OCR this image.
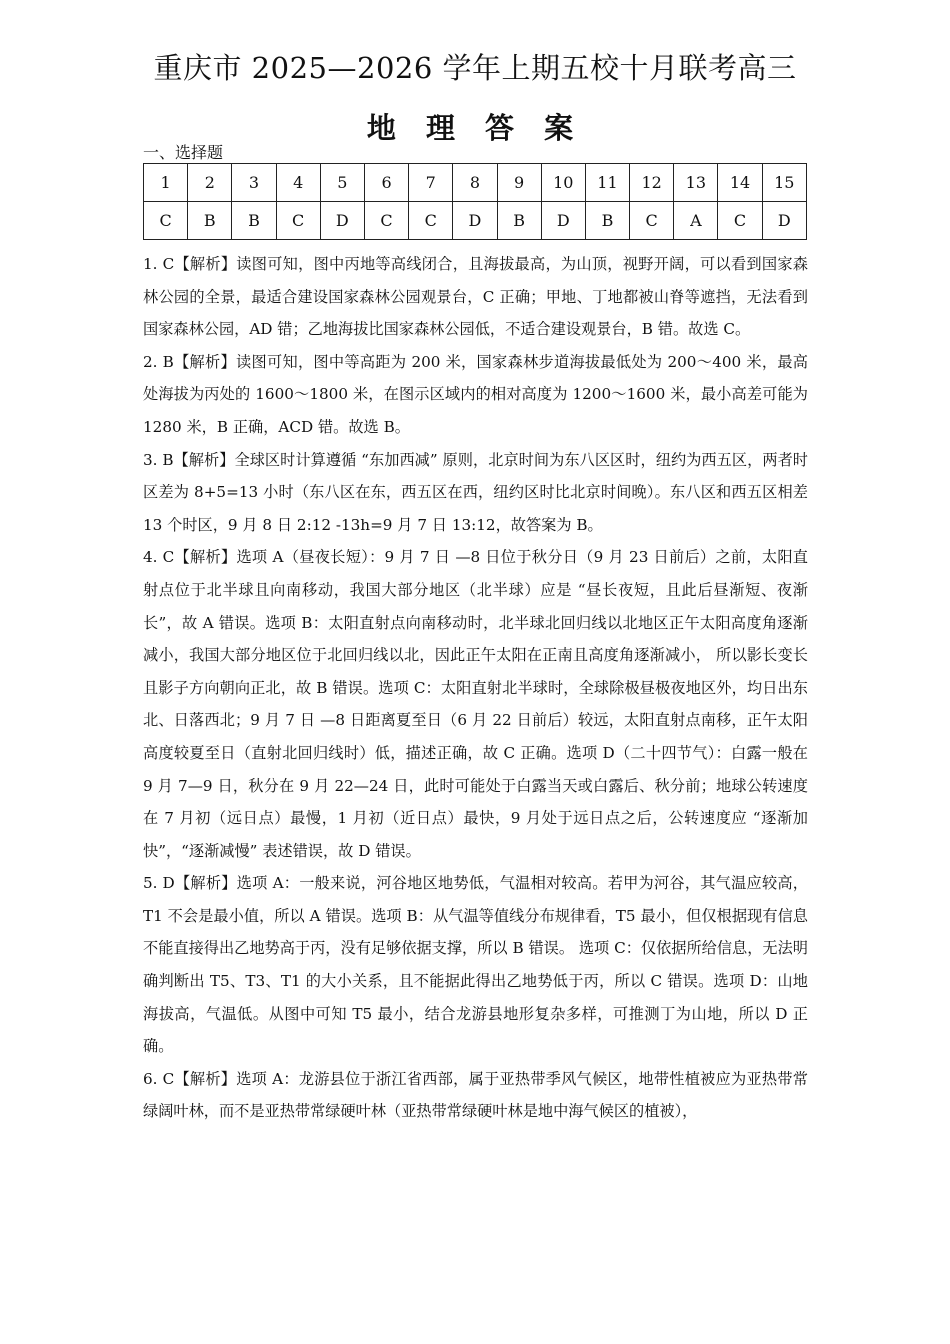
重庆市 2025—2026 学年上期五校十月联考高三
地 理 答 案
一、选择题
1	2	3	4	5	6	7	8	9	10	11	12	13	14	15
C	B	B	C	D	C	C	D	B	D	B	C	A	C	D

1. C【解析】读图可知，图中丙地等高线闭合，且海拔最高，为山顶，视野开阔，可以看到国家森林公园的全景，最适合建设国家森林公园观景台，C 正确；甲地、丁地都被山脊等遮挡，无法看到国家森林公园，AD 错；乙地海拔比国家森林公园低，不适合建设观景台，B 错。故选 C。

2. B【解析】读图可知，图中等高距为 200 米，国家森林步道海拔最低处为 200～400 米，最高处海拔为丙处的 1600～1800 米，在图示区域内的相对高度为 1200～1600 米，最小高差可能为 1280 米，B 正确，ACD 错。故选 B。

3. B【解析】全球区时计算遵循 “东加西减” 原则，北京时间为东八区区时，纽约为西五区，两者时区差为 8+5=13 小时（东八区在东，西五区在西，纽约区时比北京时间晚）。东八区和西五区相差 13 个时区，9 月 8 日 2:12 -13h=9 月 7 日 13:12，故答案为 B。

4. C【解析】选项 A（昼夜长短）：9 月 7 日 —8 日位于秋分日（9 月 23 日前后）之前，太阳直射点位于北半球且向南移动，我国大部分地区（北半球）应是 “昼长夜短，且此后昼渐短、夜渐长”，故 A 错误。选项 B：太阳直射点向南移动时，北半球北回归线以北地区正午太阳高度角逐渐减小，我国大部分地区位于北回归线以北，因此正午太阳在正南且高度角逐渐减小， 所以影长变长且影子方向朝向正北，故 B 错误。选项 C：太阳直射北半球时，全球除极昼极夜地区外，均日出东北、日落西北；9 月 7 日 —8 日距离夏至日（6 月 22 日前后）较远，太阳直射点南移，正午太阳高度较夏至日（直射北回归线时）低，描述正确，故 C 正确。选项 D（二十四节气）：白露一般在 9 月 7—9 日，秋分在 9 月 22—24 日，此时可能处于白露当天或白露后、秋分前；地球公转速度在 7 月初（远日点）最慢，1 月初（近日点）最快，9 月处于远日点之后，公转速度应 “逐渐加快”，“逐渐减慢” 表述错误，故 D 错误。

5. D【解析】选项 A：一般来说，河谷地区地势低，气温相对较高。若甲为河谷，其气温应较高，T1 不会是最小值，所以 A 错误。选项 B：从气温等值线分布规律看，T5 最小，但仅根据现有信息不能直接得出乙地势高于丙，没有足够依据支撑，所以 B 错误。 选项 C：仅依据所给信息，无法明确判断出 T5、T3、T1 的大小关系，且不能据此得出乙地势低于丙，所以 C 错误。选项 D：山地海拔高，气温低。从图中可知 T5 最小，结合龙游县地形复杂多样，可推测丁为山地，所以 D 正确。

6. C【解析】选项 A：龙游县位于浙江省西部，属于亚热带季风气候区，地带性植被应为亚热带常绿阔叶林，而不是亚热带常绿硬叶林（亚热带常绿硬叶林是地中海气候区的植被），
